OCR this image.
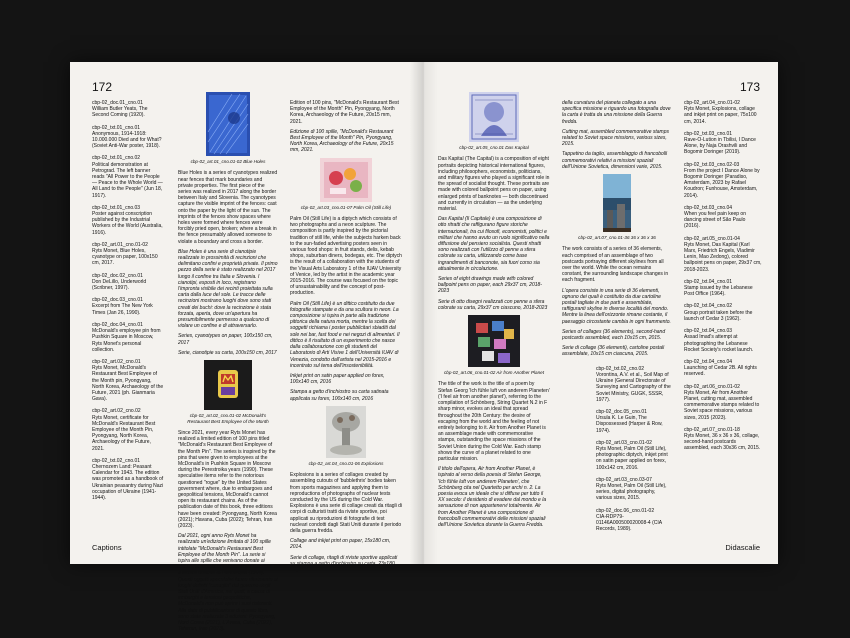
172
cbp-02_doc.01_cno.01
William Butler Yeats, The Second Coming (1920).
cbp-02_txt.01_cno.01
Anonymous, 1914-1918: 10.000.000 Died and for What? (Soviet Anti-War poster, 1918).
cbp-02_txt.01_cno.02
Political demonstration at Petrograd. The left banner reads "All Power to the People — Peace to the Whole World — All Land to the People" (Jun 18, 1917).
cbp-02_txt.01_cno.03
Poster against conscription published by the Industrial Workers of the World (Australia, 1916).
cbp-02_art.01_cno.01-02
Ryts Monet, Blue Holes, cyanotype on paper, 100x150 cm, 2017.
cbp-02_doc.02_cno.01
Don DeLillo, Underworld (Scribner, 1997).
cbp-02_doc.03_cno.01
Excerpt from The New York Times (Jan 26, 1990).
cbp-02_doc.04_cno.01
McDonald's employee pin from Pushkin Square in Moscow, Ryts Monet's personal collection.
cbp-02_art.02_cno.01
Ryts Monet, McDonald's Restaurant Best Employee of the Month pin, Pyongyang, North Korea, Archaeology of the Future, 2021 (ph. Gianmaria Gava).
cbp-02_art.02_cno.02
Ryts Monet, certificate for McDonald's Restaurant Best Employee of the Month Pin, Pyongyang, North Korea, Archaeology of the Future, 2021.
cbp-02_txt.02_cno.01
Chernozem Land: Peasant Calendar for 1943. The edition was promoted as a handbook of Ukrainian peasantry during Nazi occupation of Ukraine (1941-1944).
cbp-02_art.01_cno.01-02 Blue Holes
Blue Holes is a series of cyanotypes realized near fences that mark boundaries and private properties. The first piece of the series was realized in 2017 along the border between Italy and Slovenia. The cyanotypes capture the visible imprint of the fences: cast onto the paper by the light of the sun. The imprints of the fences show spaces where holes were formed where fences were forcibly pried open, broken; where a break in the fence presumably allowed someone to violate a boundary and cross a border.
Blue Holes è una serie di cianotipie realizzate in prossimità di recinzioni che delimitano confini e proprietà private. Il primo pezzo della serie è stato realizzato nel 2017 lungo il confine tra Italia e Slovenia. I cianotipi, esposti in loco, registrano l'impronta visibile dei recinti proiettata sulla carta dalla luce del sole. Le tracce delle recinzioni mostrano luoghi dove sono stati creati dei buchi: dove la recinzione è stata forzata, aperta, dove un'apertura ha presumibilmente permesso a qualcuno di violare un confine e di attraversarlo.
Series, cyanotypes on paper, 100x150 cm, 2017
Serie, cianotipie su carta, 100x150 cm, 2017
cbp-02_art.02_cno.01-02 McDonald's Restaurant Best Employee of the Month
Since 2021, every year Ryts Monet has realized a limited edition of 100 pins titled "McDonald's Restaurant Best Employee of the Month Pin". The series is inspired by the pins that were given to employees at the McDonald's in Pushkin Square in Moscow during the Perestroika years (1990). These speculative items refer to the notorious questioned "rogue" by the United States government where, due to embargoes and geopolitical tensions, McDonald's cannot open its restaurant chains. As of the publication date of this book, three editions have been created: Pyongyang, North Korea (2021); Havana, Cuba (2022); Tehran, Iran (2023).
Dal 2021, ogni anno Ryts Monet ha realizzato un'edizione limitata di 100 spille intitolate "McDonald's Restaurant Best Employee of the Month Pin". La serie si ispira alle spille che venivano donate ai dipendenti del McDonald's di Piazza Puškin a Mosca durante la Perestrojka (1990). Questi oggetti speculativi fanno riferimento ai luoghi definiti "canaglia" dal governo degli Stati Uniti d'America, nei quali, a causa di embarghi e tensioni geopolitiche, McDonald's non può aprire i suoi ristoranti. Alla data di pubblicazione di questo libro, sono state realizzate 3 edizioni: Pyongyang, Nord Corea (2021), L'Avana, Cuba (2022), Teheran, Iran (2023).
Edition of 100 pins, "McDonald's Restaurant Best Employee of the Month" Pin, Pyongyang, North Korea, Archaeology of the Future, 20x15 mm, 2021.
Edizione di 100 spille, "McDonald's Restaurant Best Employee of the Month" Pin, Pyongyang, North Korea, Archaeology of the Future, 20x15 mm, 2021.
cbp-02_art.03_cno.01-07 Palm Oil (Still Life)
Palm Oil (Still Life) is a diptych which consists of two photographs and a neon sculpture. The composition is partly inspired by the pictorial tradition of still life, while the subjects harken back to the sun-faded advertising posters seen in various food shops: in fruit stands, delis, kebab shops, suburban diners, bodegas, etc. The diptych is the result of a collaboration with the students of the Visual Arts Laboratory 1 of the IUAV University of Venice, led by the artist in the academic year 2015-2016. The course was focused on the topic of unsustainability and the concept of post-production.
Palm Oil (Still Life) è un dittico costituito da due fotografie stampate e da una scultura in neon. La composizione si ispira in parte alla tradizione pittorica della natura morta, mentre la scelta dei soggetti richiama i poster pubblicitari sbiaditi dal sole nei bar, fast food e nei negozi di alimentari. Il dittico è il risultato di un esperimento che nasce dalla collaborazione con gli studenti del Laboratorio di Arti Visive 1 dell'Università IUAV di Venezia, condotto dall'artista nel 2015-2016 e incentrato sul tema dell'insostenibilità.
Inkjet print on satin paper applied on forex, 100x140 cm, 2016
Stampa a getto d'inchiostro su carta satinata applicata su forex, 100x140 cm, 2016
cbp-02_art.04_cno.01-06 Explosions
Explosions is a series of collages created by assembling cutouts of 'bubblethrix' bodies taken from sports magazines and applying them to reproductions of photographs of nuclear tests conducted by the US during the Cold War. Explosions è una serie di collage creati da ritagli di corpi di culturisti tratti da riviste sportive, poi applicati su riproduzioni di fotografie di test nucleari condotti dagli Stati Uniti durante il periodo della guerra fredda.
Collage and inkjet print on paper, 15x180 cm, 2014.
Serie di collage, ritagli di riviste sportive applicati su stampa a getto d'inchiostro su carta, 23x180 cm, 2014.
Captions
173
cbp-02_art.05_cno.01 Das Kapital
Das Kapital (The Capital) is a composition of eight portraits depicting historical international figures, including philosophers, economists, politicians, and military figures who played a significant role in the spread of socialist thought. These portraits are made with colored ballpoint pens on paper, using enlarged prints of banknotes — both discontinued and currently in circulation — as the underlying material.
Das Kapital (Il Capitale) è una composizione di otto ritratti che raffigurano figure storiche internazionali, tra cui filosofi, economisti, politici e militari che hanno avuto un ruolo significativo nella diffusione del pensiero socialista. Questi ritratti sono realizzati con l'utilizzo di penne a sfera colorate su carta, utilizzando come base ingrandimenti di banconote, sia fuori corso sia attualmente in circolazione.
Series of eight drawings made with colored ballpoint pens on paper, each 29x37 cm, 2018-2023
Serie di otto disegni realizzati con penne a sfera colorate su carta, 29x37 cm ciascuno, 2018-2023
cbp-02_art.06_cno.01-02 Air from Another Planet
The title of the work is the title of a poem by Stefan Georg 'Ich fühle luft von anderem Planeten' ('I feel air from another planet'), referring to the compilation of Schönberg, String Quartet N.2 in F sharp minor, evokes an ideal that spread throughout the 20th Century: the desire of escaping from the world and the feeling of not entirely belonging to it. Air from Another Planet is an assemblage made with commemorative stamps, outstanding the space missions of the Soviet Union during the Cold War. Each stamp shows the curve of a planet related to one particular mission.
Il titolo dell'opera, Air from Another Planet, è ispirato al verso della poesia di Stefan George, 'Ich fühle luft von anderem Planeten', che Schönberg cita nel Quartetto per archi n. 2. La poesia evoca un ideale che si diffuse per tutto il XX secolo: il desiderio di evadere dal mondo e la sensazione di non appartenervi totalmente. Air from Another Planet è una composizione di francobolli commemorativi delle missioni spaziali dell'Unione Sovietica durante la Guerra Fredda.
della curvatura del pianeta collegato a una specifica missione e riguardo una fotografia dove la carta è tratta da una missione della Guerra fredda.
Cutting mat, assembled commemorative stamps related to Soviet space missions, various sizes, 2015.
Tappetino da taglio, assemblaggio di francobolli commemorativi relativi a missioni spaziali dell'Unione Sovietica, dimensioni varie, 2015.
cbp-02_art.07_cno.01-36 36 x 36 x 36
The work consists of a series of 36 elements, each comprised of an assemblage of two postcards portraying different skylines from all over the world. While the ocean remains constant, the surrounding landscape changes in each fragment.
L'opera consiste in una serie di 36 elementi, ognuno dei quali è costituito da due cartoline postali tagliate in due parti e assemblate, raffiguranti skyline in diverse località del mondo. Mentre la linea dell'orizzonte rimane costante, il paesaggio circostante cambia in ogni frammento.
Series of collages (36 elements), second-hand postcards assembled, each 10x15 cm, 2015.
Serie di collage (36 elementi), cartoline postali assemblate, 10x15 cm ciascuna, 2015.
cbp-02_txt.02_cno.02
Vorontina, A.V. et al., Soil Map of Ukraine (General Directorate of Surveying and Cartography of the Soviet Ministry, GUGK, SSSR, 1977).
cbp-02_doc.05_cno.01
Ursula K. Le Guin, The Dispossessed (Harper & Row, 1974).
cbp-02_art.03_cno.01-02
Ryts Monet, Palm Oil (Still Life), photographic diptych, inkjet print on satin paper applied on forex, 100x142 cm, 2016.
cbp-02_art.03_cno.03-07
Ryts Monet, Palm Oil (Still Life), series, digital photography, various sizes, 2015.
cbp-02_doc.06_cno.01-02
CIA-RDP79-01146A000500020008-4 (CIA Records, 1989).
cbp-02_art.04_cno.01-02
Ryts Monet, Explosions, collage and inkjet print on paper, 75x100 cm, 2014.
cbp-02_txt.03_cno.01
Rave-O-Lution in Tbilisi, I Dance Alone, by Naja Orashvili and Bogomir Doringer (2019).
cbp-02_txt.03_cno.02-03
From the project I Dance Alone by Bogomir Doringer (Paradiso, Amsterdam, 2023 by Rafael Koudron; Funhouse, Amsterdam, 2014).
cbp-02_txt.03_cno.04
When you feel pain keep on dancing street of São Paulo (2016).
cbp-02_art.05_cno.01-04
Ryts Monet, Das Kapital (Karl Marx, Friedrich Engels, Vladimir Lenin, Mao Zedong), colored ballpoint pens on paper, 29x37 cm, 2018-2023.
cbp-02_txt.04_cno.01
Stamp issued by the Lebanese Post Office (1964).
cbp-02_txt.04_cno.02
Group portrait taken before the launch of Cedar 3 (1962).
cbp-02_txt.04_cno.03
Assad Imad's attempt at photographing the Lebanese Rocket Society's rocket launch.
cbp-02_txt.04_cno.04
Launching of Cedar 2B. All rights reserved.
cbp-02_art.06_cno.01-02
Ryts Monet, Air from Another Planet, cutting mat, assembled commemorative stamps related to Soviet space missions, various sizes, 2015 (2023).
cbp-02_art.07_cno.01-18
Ryts Monet, 36 x 36 x 36, collage, second-hand postcards assembled, each 30x36 cm, 2015.
Didascalie
